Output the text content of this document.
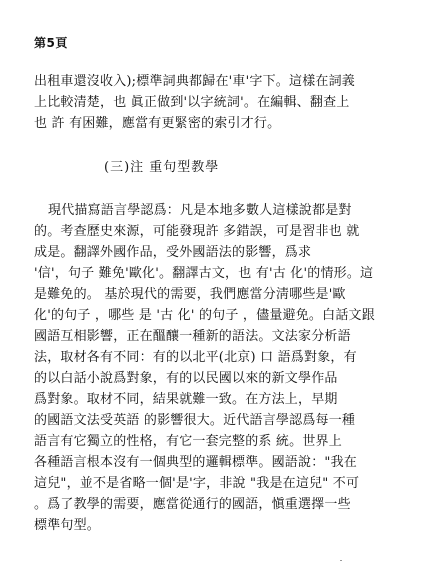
第5頁
出租車還沒收入);標準詞典都歸在'車'字下。這樣在詞義
上比較清楚，也 眞正做到'以字統詞'。在編輯、翻查上
也 許 有困難，應當有更緊密的索引才行。
(三)注 重句型教學
現代描寫語言學認爲：凡是本地多數人這樣說都是對
的。考查歷史來源，可能發現許 多錯誤，可是習非也 就
成是。翻譯外國作品，受外國語法的影響，爲求
'信'，句子 難免'歐化'。翻譯古文，也 有'古 化'的情形。這
是難免的。 基於現代的需要，我們應當分淸哪些是'歐
化'的句子 ，哪些 是 '古 化' 的句子 ，儘量避免。白話文跟
國語互相影響，正在醞釀一種新的語法。文法家分析語
法，取材各有不同：有的以北平(北京) 口 語爲對象，有
的以白話小說爲對象，有的以民國以來的新文學作品
爲對象。取材不同，結果就難一致。在方法上，早期
的國語文法受英語 的影響很大。近代語言學認爲每一種
語言有它獨立的性格，有它一套完整的系 統。世界上
各種語言根本沒有一個典型的邏輯標準。國語說："我在
這兒"，並不是省略一個'是'字，非說 "我是在這兒" 不可
。爲了教學的需要，應當從通行的國語，愼重選擇一些
標準句型。
